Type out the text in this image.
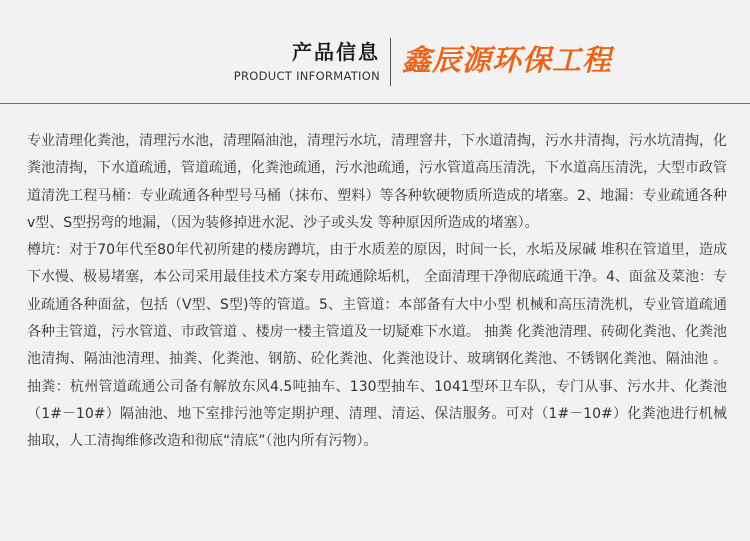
产品信息
PRODUCT INFORMATION 鑫辰源环保工程

专业清理化粪池，清理污水池，清理隔油池，清理污水坑，清理窨井，下水道清掏，污水井清掏，污水坑清掏，化粪池清掏，下水道疏通，管道疏通，化粪池疏通，污水池疏通，污水管道高压清洗，下水道高压清洗，大型市政管道清洗工程马桶：专业疏通各种型号马桶（抹布、塑料）等各种软硬物质所造成的堵塞。2、地漏：专业疏通各种v型、S型拐弯的地漏，（因为装修掉进水泥、沙子或头发 等种原因所造成的堵塞）。

樽坑：对于70年代至80年代初所建的楼房蹲坑，由于水质差的原因，时间一长，水垢及尿碱 堆积在管道里，造成下水慢、极易堵塞，本公司采用最佳技术方案专用疏通除垢机， 全面清理干净彻底疏通干净。4、面盆及菜池：专业疏通各种面盆，包括（V型、S型)等的管道。5、主管道：本部备有大中小型 机械和高压清洗机，专业管道疏通各种主管道，污水管道、市政管道 、楼房一楼主管道及一切疑难下水道。 抽粪 化粪池清理、砖砌化粪池、化粪池池清掏、隔油池清理、抽粪、化粪池、钢筋、砼化粪池、化粪池设计、玻璃钢化粪池、不锈钢化粪池、隔油池 。抽粪：杭州管道疏通公司备有解放东风4.5吨抽车、130型抽车、1041型环卫车队，专门从事、污水井、化粪池（1#－10#）隔油池、地下室排污池等定期护理、清理、清运、保洁服务。可对（1#－10#）化粪池进行机械抽取，人工清掏维修改造和彻底“清底”（池内所有污物）。
